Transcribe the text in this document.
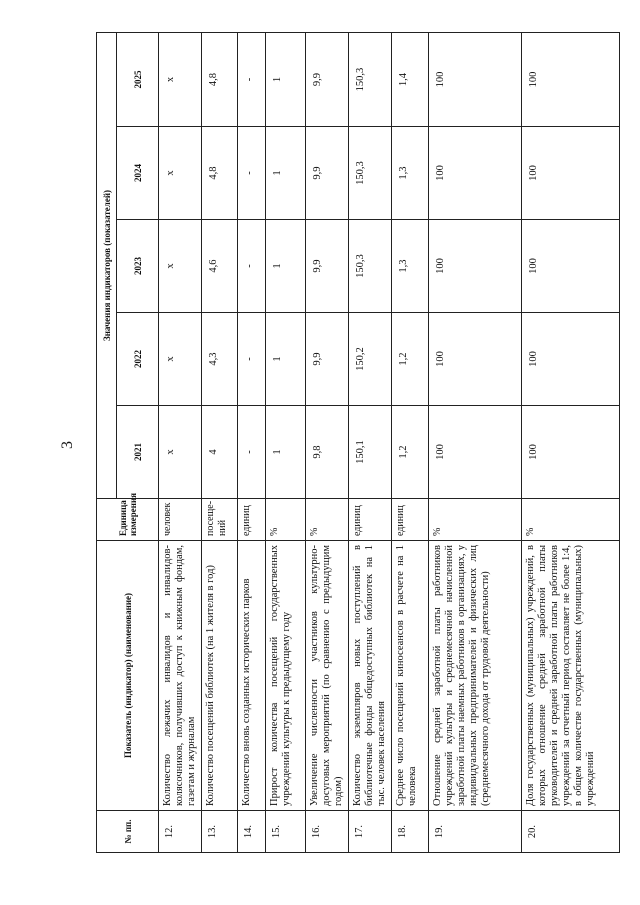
3
№ пп.	Показатель (индикатор) (наименование)	Единица измерения	Значения индикаторов (показателей)				
			2021	2022	2023	2024	2025
12.	Количество лежачих инвалидов и инвалидов-колясочников, получивших доступ к книжным фондам, газетам и журналам	человек	х	х	х	х	х
13.	Количество посещений библиотек (на 1 жителя в год)	посеще-ний	4	4,3	4,6	4,8	4,8
14.	Количество вновь созданных исторических парков	единиц	-	-	-	-	-
15.	Прирост количества посещений государственных учреждений культуры к предыдущему году	%	1	1	1	1	1
16.	Увеличение численности участников культурно-досуговых мероприятий (по сравнению с предыдущим годом)	%	9,8	9,9	9,9	9,9	9,9
17.	Количество экземпляров новых поступлений в библиотечные фонды общедоступных библиотек на 1 тыс. человек населения	единиц	150,1	150,2	150,3	150,3	150,3
18.	Среднее число посещений киносеансов в расчете на 1 человека	единиц	1,2	1,2	1,3	1,3	1,4
19.	Отношение средней заработной платы работников учреждений культуры и среднемесячной начисленной заработной платы наемных работников в организациях, у индивидуальных предпринимателей и физических лиц (среднемесячного дохода от трудовой деятельности)	%	100	100	100	100	100
20.	Доля государственных (муниципальных) учреждений, в которых отношение средней заработной платы руководителей и средней заработной платы работников учреждений за отчетный период составляет не более 1:4, в общем количестве государственных (муниципальных) учреждений	%	100	100	100	100	100
